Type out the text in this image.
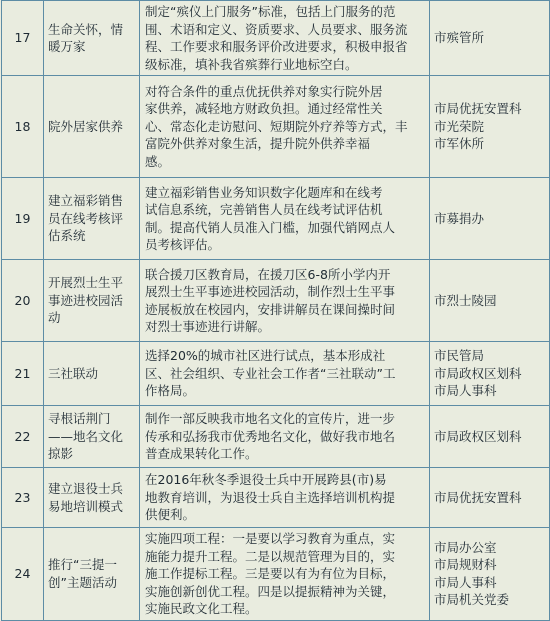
17	生命关怀，情
暖万家	制定“殡仪上门服务”标准，包括上门服务的范
围、术语和定义、资质要求、人员要求、服务流
程、工作要求和服务评价改进要求，积极申报省
级标准，填补我省殡葬行业地标空白。	市殡管所

18	院外居家供养	对符合条件的重点优抚供养对象实行院外居
家供养，减轻地方财政负担。通过经常性关
心、常态化走访慰问、短期院外疗养等方式，丰
富院外供养对象生活，提升院外供养幸福
感。	市局优抚安置科
市光荣院
市军休所

19	建立福彩销售
员在线考核评
估系统	建立福彩销售业务知识数字化题库和在线考
试信息系统，完善销售人员在线考试评估机
制。提高代销人员准入门槛，加强代销网点人
员考核评估。	市募捐办

20	开展烈士生平
事迹进校园活
动	联合援刀区教育局，在援刀区6-8所小学内开
展烈士生平事迹进校园活动，制作烈士生平事
迹展板放在校园内，安排讲解员在课间操时间
对烈士事迹进行讲解。	市烈士陵园

21	三社联动	选择20%的城市社区进行试点，基本形成社
区、社会组织、专业社会工作者“三社联动”工
作格局。	市民管局
市局政权区划科
市局人事科

22	寻根话荆门
——地名文化
掠影	制作一部反映我市地名文化的宣传片，进一步
传承和弘扬我市优秀地名文化，做好我市地名
普查成果转化工作。	市局政权区划科

23	建立退役士兵
易地培训模式	在2016年秋冬季退役士兵中开展跨县(市)易
地教育培训，为退役士兵自主选择培训机构提
供便利。	市局优抚安置科

24	推行“三提一
创”主题活动	实施四项工程：一是要以学习教育为重点，实
施能力提升工程。二是以规范管理为目的，实
施工作提标工程。三是要以有为有位为目标，
实施创新创优工程。四是以提振精神为关键，
实施民政文化工程。	市局办公室
市局规财科
市局人事科
市局机关党委
